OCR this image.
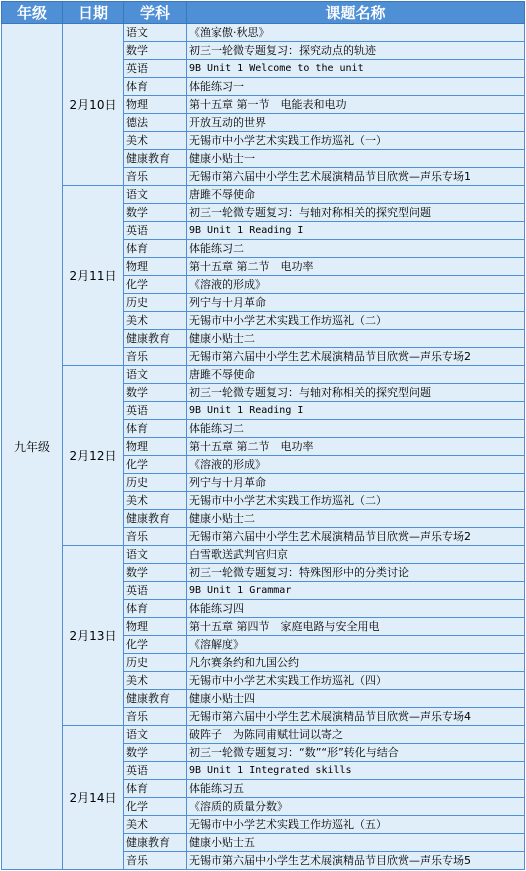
年级	日期	学科	课题名称
九年级	2月10日	语文	《渔家傲·秋思》
		数学	初三一轮微专题复习：探究动点的轨迹
		英语	9B Unit 1 Welcome to the unit
		体育	体能练习一
		物理	第十五章 第一节　电能表和电功
		德法	开放互动的世界
		美术	无锡市中小学艺术实践工作坊巡礼（一）
		健康教育	健康小贴士一
		音乐	无锡市第六届中小学生艺术展演精品节目欣赏—声乐专场1
	2月11日	语文	唐雎不辱使命
		数学	初三一轮微专题复习：与轴对称相关的探究型问题
		英语	9B Unit 1 Reading I
		体育	体能练习二
		物理	第十五章 第二节　电功率
		化学	《溶液的形成》
		历史	列宁与十月革命
		美术	无锡市中小学艺术实践工作坊巡礼（二）
		健康教育	健康小贴士二
		音乐	无锡市第六届中小学生艺术展演精品节目欣赏—声乐专场2
	2月12日	语文	唐雎不辱使命
		数学	初三一轮微专题复习：与轴对称相关的探究型问题
		英语	9B Unit 1 Reading I
		体育	体能练习二
		物理	第十五章 第二节　电功率
		化学	《溶液的形成》
		历史	列宁与十月革命
		美术	无锡市中小学艺术实践工作坊巡礼（二）
		健康教育	健康小贴士二
		音乐	无锡市第六届中小学生艺术展演精品节目欣赏—声乐专场2
	2月13日	语文	白雪歌送武判官归京
		数学	初三一轮微专题复习：特殊图形中的分类讨论
		英语	9B Unit 1 Grammar
		体育	体能练习四
		物理	第十五章 第四节　家庭电路与安全用电
		化学	《溶解度》
		历史	凡尔赛条约和九国公约
		美术	无锡市中小学艺术实践工作坊巡礼（四）
		健康教育	健康小贴士四
		音乐	无锡市第六届中小学生艺术展演精品节目欣赏—声乐专场4
	2月14日	语文	破阵子　为陈同甫赋壮词以寄之
		数学	初三一轮微专题复习：“数”“形”转化与结合
		英语	9B Unit 1 Integrated skills
		体育	体能练习五
		化学	《溶质的质量分数》
		美术	无锡市中小学艺术实践工作坊巡礼（五）
		健康教育	健康小贴士五
		音乐	无锡市第六届中小学生艺术展演精品节目欣赏—声乐专场5
